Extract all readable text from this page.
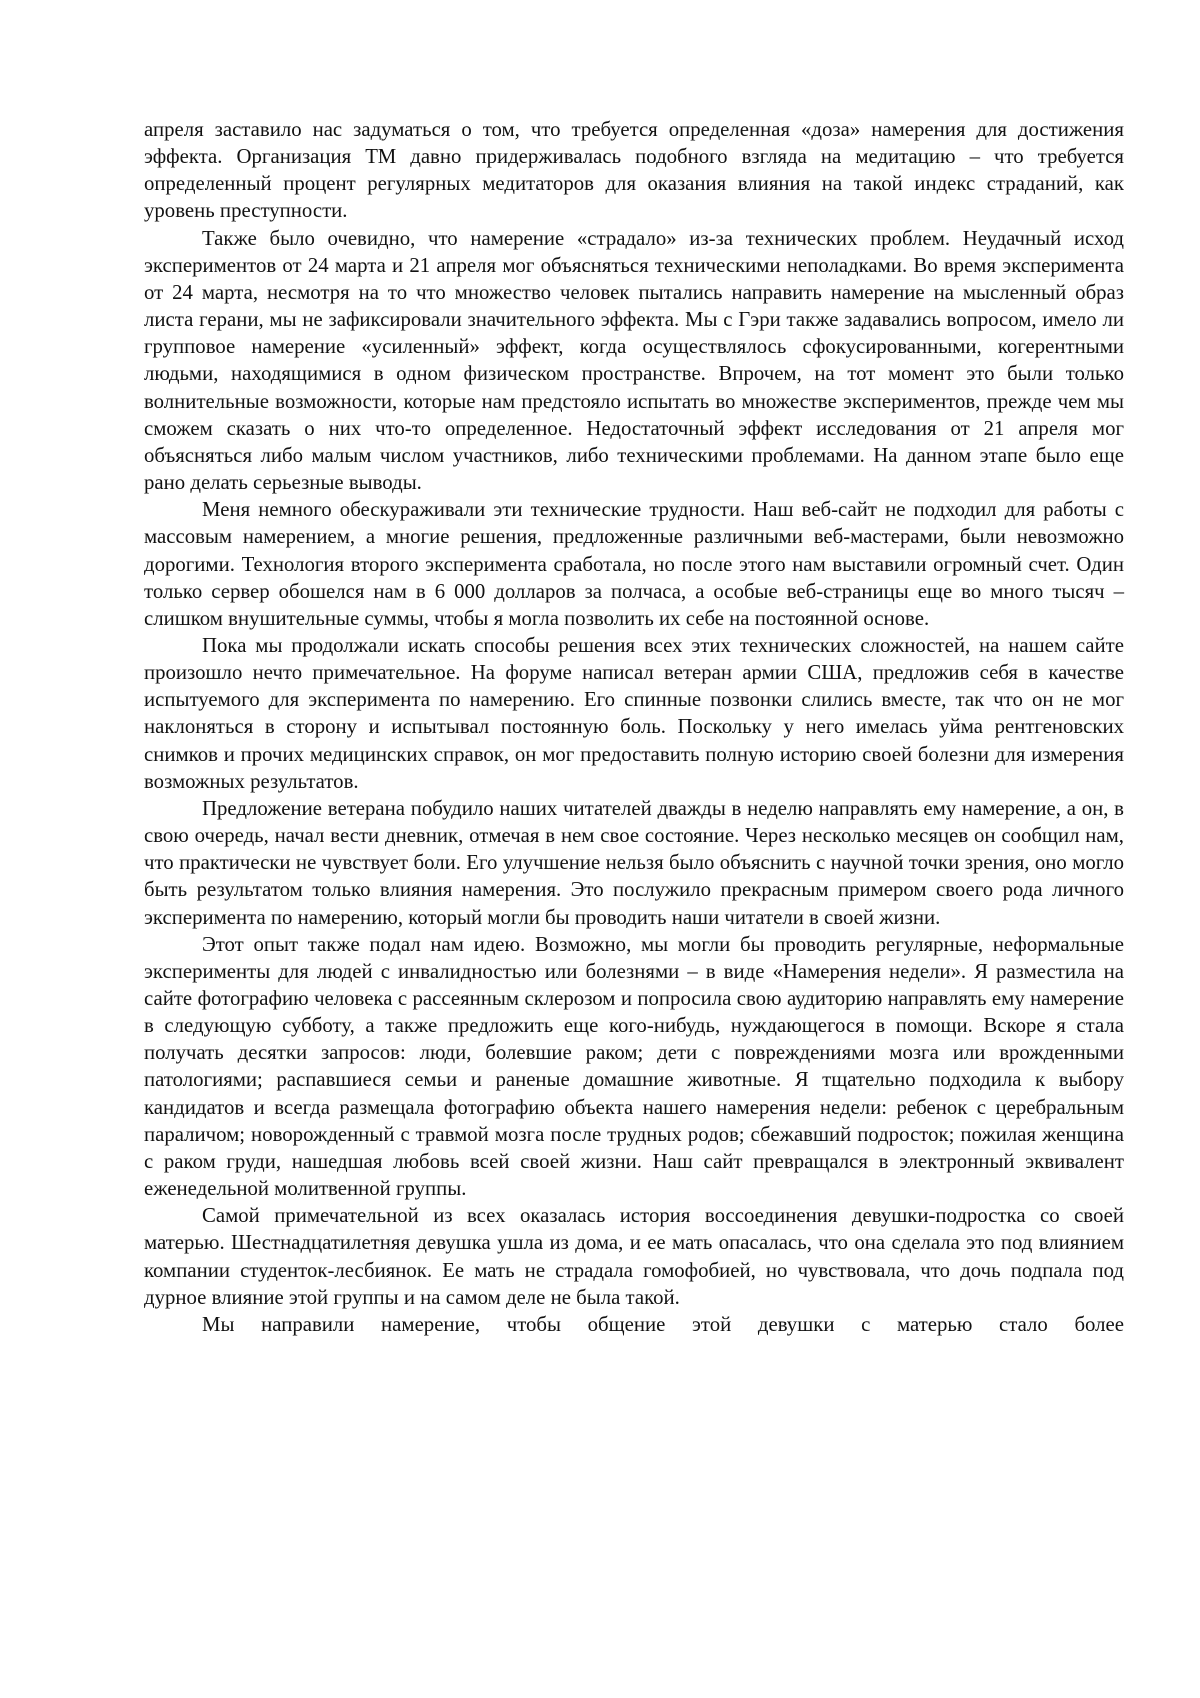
апреля заставило нас задуматься о том, что требуется определенная «доза» намерения для достижения эффекта. Организация ТМ давно придерживалась подобного взгляда на медитацию – что требуется определенный процент регулярных медитаторов для оказания влияния на такой индекс страданий, как уровень преступности.

Также было очевидно, что намерение «страдало» из-за технических проблем. Неудачный исход экспериментов от 24 марта и 21 апреля мог объясняться техническими неполадками. Во время эксперимента от 24 марта, несмотря на то что множество человек пытались направить намерение на мысленный образ листа герани, мы не зафиксировали значительного эффекта. Мы с Гэри также задавались вопросом, имело ли групповое намерение «усиленный» эффект, когда осуществлялось сфокусированными, когерентными людьми, находящимися в одном физическом пространстве. Впрочем, на тот момент это были только волнительные возможности, которые нам предстояло испытать во множестве экспериментов, прежде чем мы сможем сказать о них что-то определенное. Недостаточный эффект исследования от 21 апреля мог объясняться либо малым числом участников, либо техническими проблемами. На данном этапе было еще рано делать серьезные выводы.

Меня немного обескураживали эти технические трудности. Наш веб-сайт не подходил для работы с массовым намерением, а многие решения, предложенные различными веб-мастерами, были невозможно дорогими. Технология второго эксперимента сработала, но после этого нам выставили огромный счет. Один только сервер обошелся нам в 6 000 долларов за полчаса, а особые веб-страницы еще во много тысяч – слишком внушительные суммы, чтобы я могла позволить их себе на постоянной основе.

Пока мы продолжали искать способы решения всех этих технических сложностей, на нашем сайте произошло нечто примечательное. На форуме написал ветеран армии США, предложив себя в качестве испытуемого для эксперимента по намерению. Его спинные позвонки слились вместе, так что он не мог наклоняться в сторону и испытывал постоянную боль. Поскольку у него имелась уйма рентгеновских снимков и прочих медицинских справок, он мог предоставить полную историю своей болезни для измерения возможных результатов.

Предложение ветерана побудило наших читателей дважды в неделю направлять ему намерение, а он, в свою очередь, начал вести дневник, отмечая в нем свое состояние. Через несколько месяцев он сообщил нам, что практически не чувствует боли. Его улучшение нельзя было объяснить с научной точки зрения, оно могло быть результатом только влияния намерения. Это послужило прекрасным примером своего рода личного эксперимента по намерению, который могли бы проводить наши читатели в своей жизни.

Этот опыт также подал нам идею. Возможно, мы могли бы проводить регулярные, неформальные эксперименты для людей с инвалидностью или болезнями – в виде «Намерения недели». Я разместила на сайте фотографию человека с рассеянным склерозом и попросила свою аудиторию направлять ему намерение в следующую субботу, а также предложить еще кого-нибудь, нуждающегося в помощи. Вскоре я стала получать десятки запросов: люди, болевшие раком; дети с повреждениями мозга или врожденными патологиями; распавшиеся семьи и раненые домашние животные. Я тщательно подходила к выбору кандидатов и всегда размещала фотографию объекта нашего намерения недели: ребенок с церебральным параличом; новорожденный с травмой мозга после трудных родов; сбежавший подросток; пожилая женщина с раком груди, нашедшая любовь всей своей жизни. Наш сайт превращался в электронный эквивалент еженедельной молитвенной группы.

Самой примечательной из всех оказалась история воссоединения девушки-подростка со своей матерью. Шестнадцатилетняя девушка ушла из дома, и ее мать опасалась, что она сделала это под влиянием компании студенток-лесбиянок. Ее мать не страдала гомофобией, но чувствовала, что дочь подпала под дурное влияние этой группы и на самом деле не была такой.

Мы направили намерение, чтобы общение этой девушки с матерью стало более
